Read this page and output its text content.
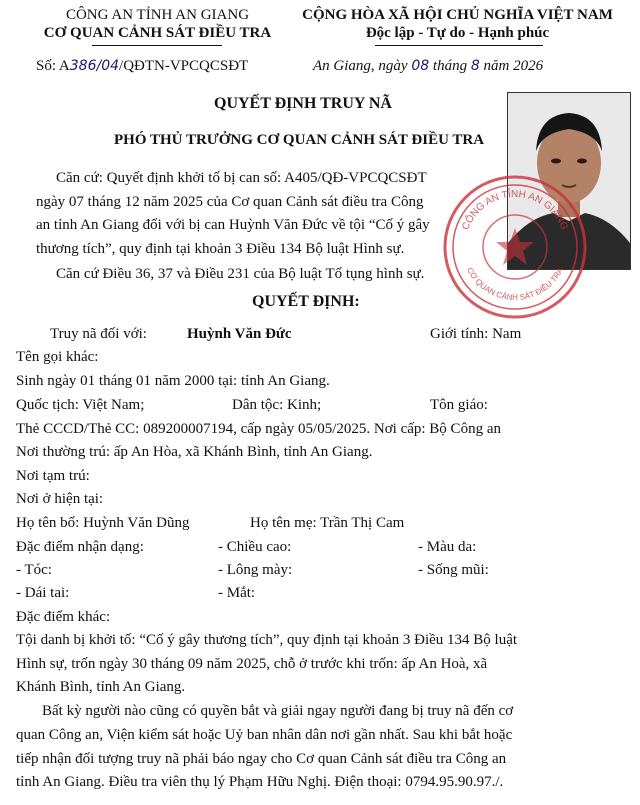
CÔNG AN TỈNH AN GIANG
CƠ QUAN CẢNH SÁT ĐIỀU TRA
Số: A386/04/QĐTN-VPCQCSĐT
CỘNG HÒA XÃ HỘI CHỦ NGHĨA VIỆT NAM
Độc lập - Tự do - Hạnh phúc
An Giang, ngày 08 tháng 8 năm 2026
QUYẾT ĐỊNH TRUY NÃ
PHÓ THỦ TRƯỞNG CƠ QUAN CẢNH SÁT ĐIỀU TRA
CÔNG AN TỈNH AN GIANG
CƠ QUAN CẢNH SÁT ĐIỀU TRA
Căn cứ: Quyết định khởi tố bị can số: A405/QĐ-VPCQCSĐT
ngày 07 tháng 12 năm 2025 của Cơ quan Cảnh sát điều tra Công
an tỉnh An Giang đối với bị can Huỳnh Văn Đức về tội “Cố ý gây
thương tích”, quy định tại khoản 3 Điều 134 Bộ luật Hình sự.
Căn cứ Điều 36, 37 và Điều 231 của Bộ luật Tố tụng hình sự.
QUYẾT ĐỊNH:
Truy nã đối với:	Huỳnh Văn Đức	Giới tính: Nam
Tên gọi khác:
Sinh ngày 01 tháng 01 năm 2000 tại: tỉnh An Giang.
Quốc tịch: Việt Nam;	Dân tộc: Kinh;	Tôn giáo:
Thẻ CCCD/Thẻ CC: 089200007194, cấp ngày 05/05/2025. Nơi cấp: Bộ Công an
Nơi thường trú: ấp An Hòa, xã Khánh Bình, tỉnh An Giang.
Nơi tạm trú:
Nơi ở hiện tại:
Họ tên bố: Huỳnh Văn Dũng	Họ tên mẹ: Trần Thị Cam
Đặc điểm nhận dạng:	- Chiều cao:	- Màu da:
- Tóc:	- Lông mày:	- Sống mũi:
- Dái tai:	- Mắt:
Đặc điểm khác:
Tội danh bị khởi tố: “Cố ý gây thương tích”, quy định tại khoản 3 Điều 134 Bộ luật
Hình sự, trốn ngày 30 tháng 09 năm 2025, chỗ ở trước khi trốn: ấp An Hoà, xã
Khánh Bình, tỉnh An Giang.
Bất kỳ người nào cũng có quyền bắt và giải ngay người đang bị truy nã đến cơ
quan Công an, Viện kiểm sát hoặc Uỷ ban nhân dân nơi gần nhất. Sau khi bắt hoặc
tiếp nhận đối tượng truy nã phải báo ngay cho Cơ quan Cảnh sát điều tra Công an
tỉnh An Giang. Điều tra viên thụ lý Phạm Hữu Nghị. Điện thoại: 0794.95.90.97./.
